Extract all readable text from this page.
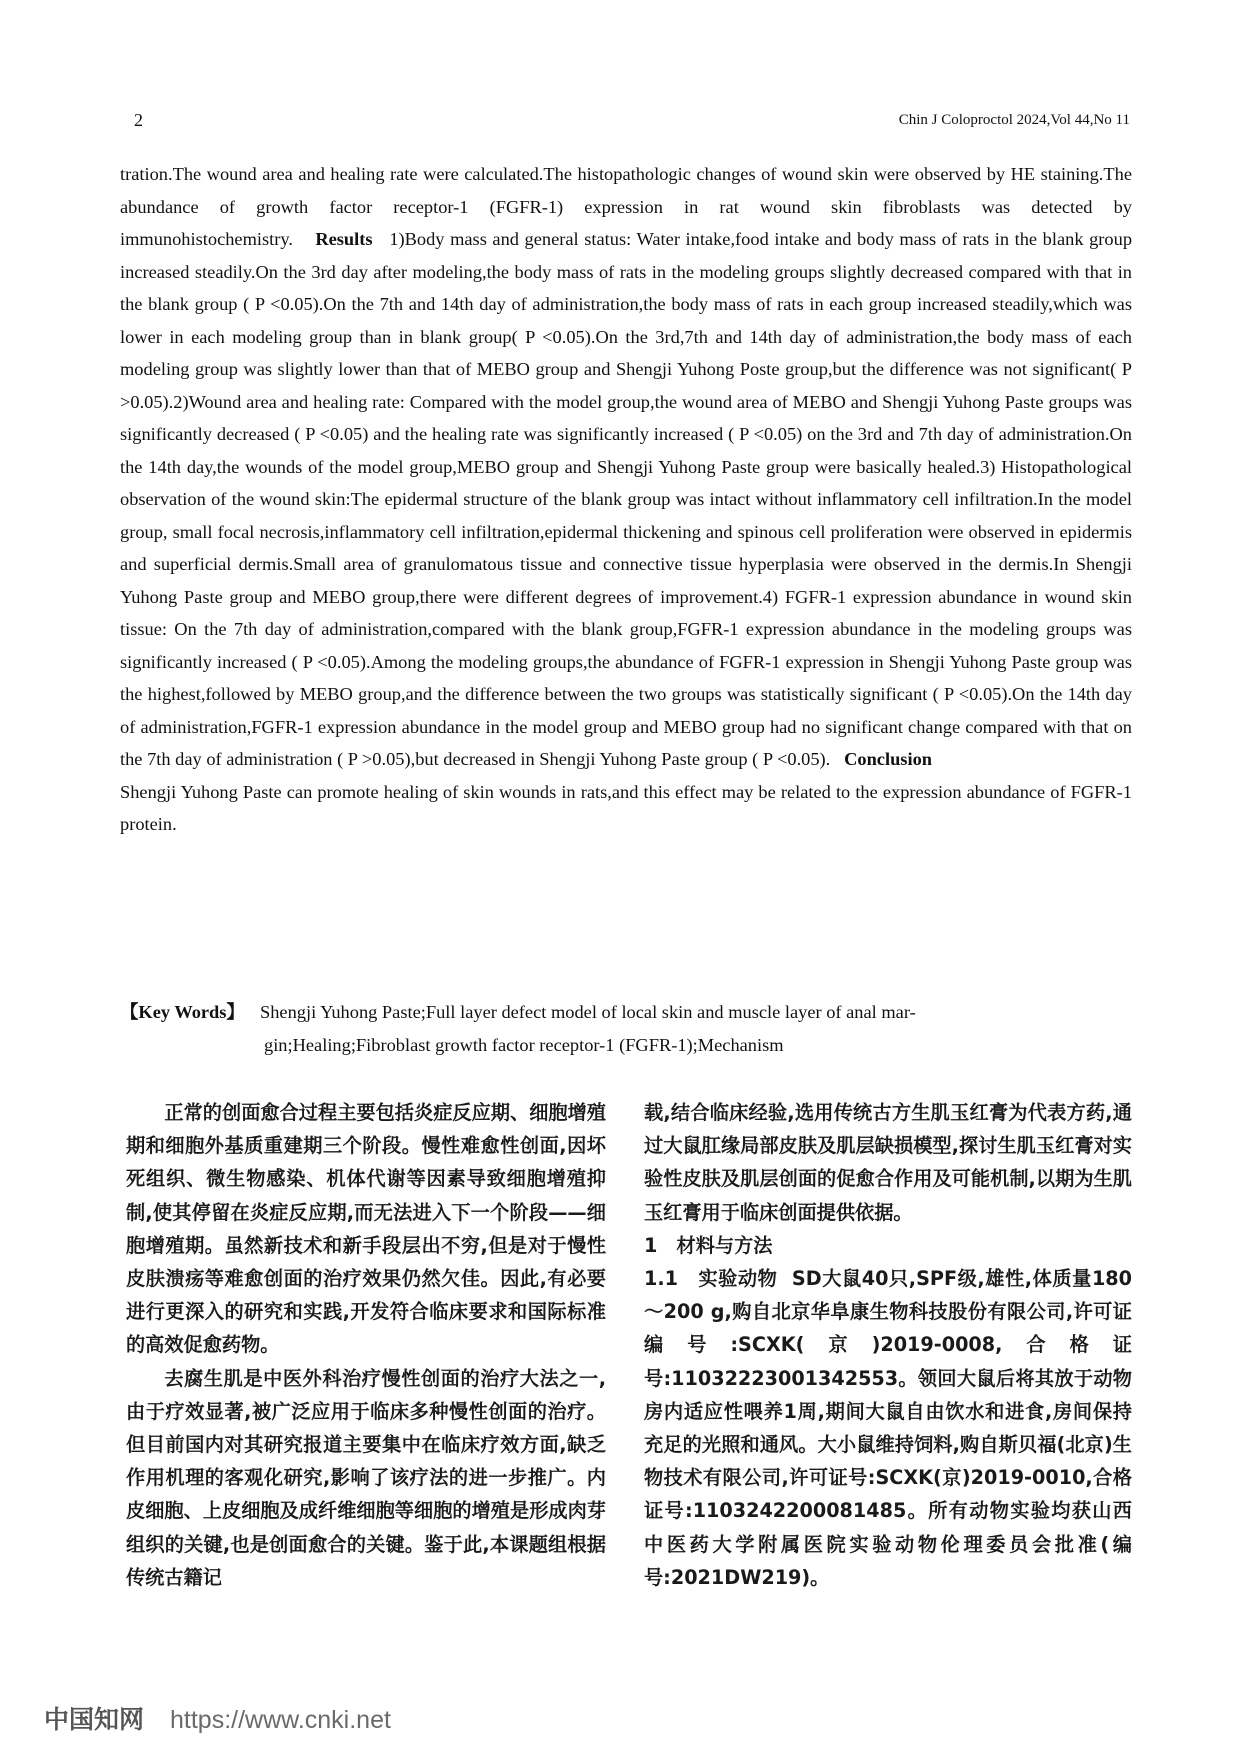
2	Chin J Coloproctol 2024,Vol 44,No 11

tration.The wound area and healing rate were calculated.The histopathologic changes of wound skin were observed by HE staining.The abundance of growth factor receptor-1 (FGFR-1) expression in rat wound skin fibroblasts was detected by immunohistochemistry. Results 1)Body mass and general status: Water intake,food intake and body mass of rats in the blank group increased steadily.On the 3rd day after modeling,the body mass of rats in the modeling groups slightly decreased compared with that in the blank group ( P <0.05).On the 7th and 14th day of administration,the body mass of rats in each group increased steadily,which was lower in each modeling group than in blank group( P <0.05).On the 3rd,7th and 14th day of administration,the body mass of each modeling group was slightly lower than that of MEBO group and Shengji Yuhong Poste group,but the difference was not significant( P >0.05).2)Wound area and healing rate: Compared with the model group,the wound area of MEBO and Shengji Yuhong Paste groups was significantly decreased ( P <0.05) and the healing rate was significantly increased ( P <0.05) on the 3rd and 7th day of administration.On the 14th day,the wounds of the model group,MEBO group and Shengji Yuhong Paste group were basically healed.3) Histopathological observation of the wound skin:The epidermal structure of the blank group was intact without inflammatory cell infiltration.In the model group, small focal necrosis,inflammatory cell infiltration,epidermal thickening and spinous cell proliferation were observed in epidermis and superficial dermis.Small area of granulomatous tissue and connective tissue hyperplasia were observed in the dermis.In Shengji Yuhong Paste group and MEBO group,there were different degrees of improvement.4) FGFR-1 expression abundance in wound skin tissue: On the 7th day of administration,compared with the blank group,FGFR-1 expression abundance in the modeling groups was significantly increased ( P <0.05).Among the modeling groups,the abundance of FGFR-1 expression in Shengji Yuhong Paste group was the highest,followed by MEBO group,and the difference between the two groups was statistically significant ( P <0.05).On the 14th day of administration,FGFR-1 expression abundance in the model group and MEBO group had no significant change compared with that on the 7th day of administration ( P >0.05),but decreased in Shengji Yuhong Paste group ( P <0.05). Conclusion

Shengji Yuhong Paste can promote healing of skin wounds in rats,and this effect may be related to the expression abundance of FGFR-1 protein.

【Key Words】 Shengji Yuhong Paste;Full layer defect model of local skin and muscle layer of anal mar-
gin;Healing;Fibroblast growth factor receptor-1 (FGFR-1);Mechanism

正常的创面愈合过程主要包括炎症反应期、细胞增殖期和细胞外基质重建期三个阶段。慢性难愈性创面,因坏死组织、微生物感染、机体代谢等因素导致细胞增殖抑制,使其停留在炎症反应期,而无法进入下一个阶段——细胞增殖期。虽然新技术和新手段层出不穷,但是对于慢性皮肤溃疡等难愈创面的治疗效果仍然欠佳。因此,有必要进行更深入的研究和实践,开发符合临床要求和国际标准的高效促愈药物。

去腐生肌是中医外科治疗慢性创面的治疗大法之一,由于疗效显著,被广泛应用于临床多种慢性创面的治疗。但目前国内对其研究报道主要集中在临床疗效方面,缺乏作用机理的客观化研究,影响了该疗法的进一步推广。内皮细胞、上皮细胞及成纤维细胞等细胞的增殖是形成肉芽组织的关键,也是创面愈合的关键。鉴于此,本课题组根据传统古籍记

载,结合临床经验,选用传统古方生肌玉红膏为代表方药,通过大鼠肛缘局部皮肤及肌层缺损模型,探讨生肌玉红膏对实验性皮肤及肌层创面的促愈合作用及可能机制,以期为生肌玉红膏用于临床创面提供依据。

1　材料与方法

1.1　实验动物 SD大鼠40只,SPF级,雄性,体质量180～200 g,购自北京华阜康生物科技股份有限公司,许可证编号:SCXK(京)2019-0008,合格证号:11032223001342553。领回大鼠后将其放于动物房内适应性喂养1周,期间大鼠自由饮水和进食,房间保持充足的光照和通风。大小鼠维持饲料,购自斯贝福(北京)生物技术有限公司,许可证号:SCXK(京)2019-0010,合格证号:1103242200081485。所有动物实验均获山西中医药大学附属医院实验动物伦理委员会批准(编号:2021DW219)。

中国知网 https://www.cnki.net
